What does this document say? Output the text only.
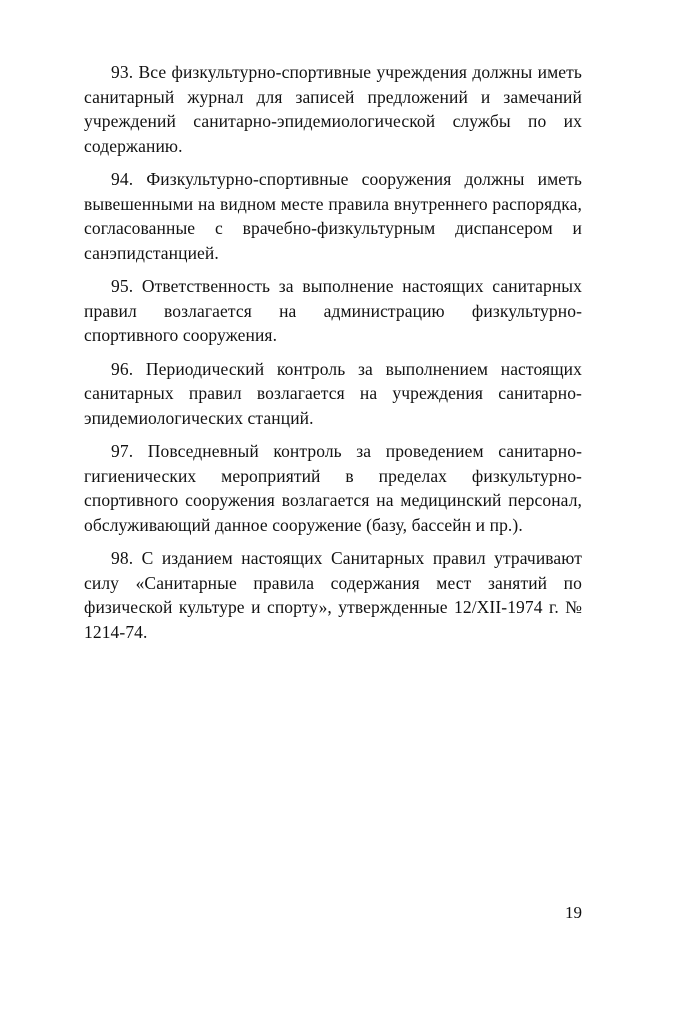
93. Все физкультурно-спортивные учреждения должны иметь санитарный журнал для записей предложений и замечаний учреждений санитарно-эпидемиологической службы по их содержанию.

94. Физкультурно-спортивные сооружения должны иметь вывешенными на видном месте правила внутреннего распорядка, согласованные с врачебно-физкультурным диспансером и санэпидстанцией.

95. Ответственность за выполнение настоящих санитарных правил возлагается на администрацию физкультурно-спортивного сооружения.

96. Периодический контроль за выполнением настоящих санитарных правил возлагается на учреждения санитарно-эпидемиологических станций.

97. Повседневный контроль за проведением санитарно-гигиенических мероприятий в пределах физкультурно-спортивного сооружения возлагается на медицинский персонал, обслуживающий данное сооружение (базу, бассейн и пр.).

98. С изданием настоящих Санитарных правил утрачивают силу «Санитарные правила содержания мест занятий по физической культуре и спорту», утвержденные 12/XII-1974 г. № 1214-74.

19
